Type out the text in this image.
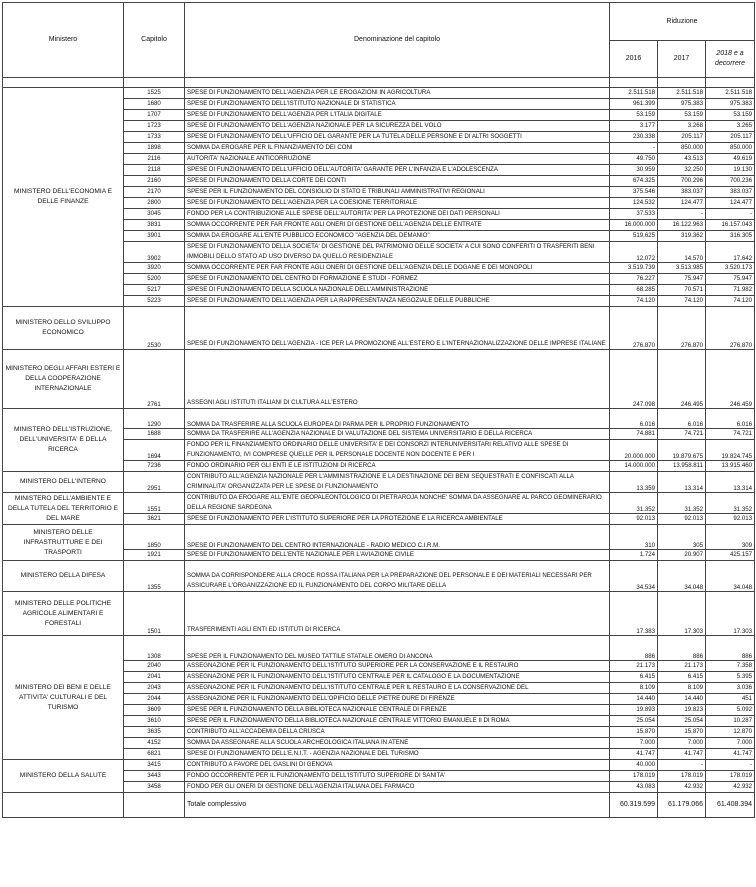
Ministero	Capitolo	Denominazione del capitolo	Riduzione		
			2016	2017	2018 e a decorrere

MINISTERO DELL'ECONOMIA E DELLE FINANZE	1525	SPESE DI FUNZIONAMENTO DELL'AGENZIA PER LE EROGAZIONI IN AGRICOLTURA	2.511.518	2.511.518	2.511.518
	1680	SPESE DI FUNZIONAMENTO DELL'ISTITUTO NAZIONALE DI STATISTICA	961.399	975.383	975.383
	1707	SPESE DI FUNZIONAMENTO DELL'AGENZIA PER L'ITALIA DIGITALE	53.159	53.159	53.159
	1723	SPESE DI FUNZIONAMENTO DELL'AGENZIA NAZIONALE PER LA SICUREZZA DEL VOLO	3.177	3.268	3.265
	1733	SPESE DI FUNZIONAMENTO DELL'UFFICIO DEL GARANTE PER LA TUTELA DELLE PERSONE E DI ALTRI SOGGETTI	230.338	205.117	205.117
	1898	SOMMA DA EROGARE PER IL FINANZIAMENTO DEI CONI	-	850.000	850.000
	2116	AUTORITA' NAZIONALE ANTICORRUZIONE	49.750	43.513	49.619
	2118	SPESE DI FUNZIONAMENTO DELL'UFFICIO DELL'AUTORITA' GARANTE PER L'INFANZIA E L'ADOLESCENZA	30.959	32.250	19.130
	2160	SPESE DI FUNZIONAMENTO DELLA CORTE DEI CONTI	674.325	700.296	700.236
	2170	SPESE PER IL FUNZIONAMENTO DEL CONSIGLIO DI STATO E TRIBUNALI AMMINISTRATIVI REGIONALI	375.546	383.037	383.037
	2800	SPESE DI FUNZIONAMENTO DELL'AGENZIA PER LA COESIONE TERRITORIALE	124.532	124.477	124.477
	3045	FONDO PER LA CONTRIBUZIONE ALLE SPESE DELL'AUTORITA' PER LA PROTEZIONE DEI DATI PERSONALI	37.533	-	-
	3831	SOMMA OCCORRENTE PER FAR FRONTE AGLI ONERI DI GESTIONE DELL'AGENZIA DELLE ENTRATE	16.000.000	16.122.963	16.157.043
	3901	SOMMA DA EROGARE ALL'ENTE PUBBLICO ECONOMICO "AGENZIA DEL DEMANIO"	519.625	319.362	316.305
	3902	SPESE DI FUNZIONAMENTO DELLA SOCIETA' DI GESTIONE DEL PATRIMONIO DELLE SOCIETA' A CUI SONO CONFERITI O TRASFERITI BENI IMMOBILI DELLO STATO AD USO DIVERSO DA QUELLO RESIDENZIALE	12.072	14.570	17.642
	3920	SOMMA OCCORRENTE PER FAR FRONTE AGLI ONERI DI GESTIONE DELL'AGENZIA DELLE DOGANE E DEI MONOPOLI	3.519.739	3.513.985	3.520.173
	5200	SPESE DI FUNZIONAMENTO DEL CENTRO DI FORMAZIONE E STUDI - FORMEZ	76.227	75.947	75.947
	5217	SPESE DI FUNZIONAMENTO DELLA SCUOLA NAZIONALE DELL'AMMINISTRAZIONE	68.285	70.571	71.982
	5223	SPESE DI FUNZIONAMENTO DELL'AGENZIA PER LA RAPPRESENTANZA NEGOZIALE DELLE PUBBLICHE	74.120	74.120	74.120
MINISTERO DELLO SVILUPPO ECONOMICO	2530	SPESE DI FUNZIONAMENTO DELL'AGENZIA - ICE PER LA PROMOZIONE ALL'ESTERO E L'INTERNAZIONALIZZAZIONE DELLE IMPRESE ITALIANE	276.870	276.870	276.870
MINISTERO DEGLI AFFARI ESTERI E DELLA COOPERAZIONE INTERNAZIONALE	2761	ASSEGNI AGLI ISTITUTI ITALIANI DI CULTURA ALL'ESTERO	247.098	246.495	246.459
MINISTERO DELL'ISTRUZIONE, DELL'UNIVERSITA' E DELLA RICERCA	1290	SOMMA DA TRASFERIRE ALLA SCUOLA EUROPEA DI PARMA PER IL PROPRIO FUNZIONAMENTO	6.016	6.016	6.016
	1688	SOMMA DA TRASFERIRE ALL'AGENZIA NAZIONALE DI VALUTAZIONE DEL SISTEMA UNIVERSITARIO E DELLA RICERCA	74.881	74.721	74.721
	1694	FONDO PER IL FINANZIAMENTO ORDINARIO DELLE UNIVERSITA' E DEI CONSORZI INTERUNIVERSITARI RELATIVO ALLE SPESE DI FUNZIONAMENTO, IVI COMPRESE QUELLE PER IL PERSONALE DOCENTE NON DOCENTE E PER I	20.000.000	19.879.675	19.824.745
	7236	FONDO ORDINARIO PER GLI ENTI E LE ISTITUZIONI DI RICERCA	14.000.000	13.958.811	13.915.460
MINISTERO DELL'INTERNO	2951	CONTRIBUTO ALL'AGENZIA NAZIONALE PER L'AMMINISTRAZIONE E LA DESTINAZIONE DEI BENI SEQUESTRATI E CONFISCATI ALLA CRIMINALITA' ORGANIZZATA PER LE SPESE DI FUNZIONAMENTO	13.359	13.314	13.314
MINISTERO DELL'AMBIENTE E DELLA TUTELA DEL TERRITORIO E DEL MARE	1551	CONTRIBUTO DA EROGARE ALL'ENTE GEOPALEONTOLOGICO DI PIETRAROJA NONCHE' SOMMA DA ASSEGNARE AL PARCO GEOMINERARIO DELLA REGIONE SARDEGNA	31.352	31.352	31.352
	3621	SPESE DI FUNZIONAMENTO PER L'ISTITUTO SUPERIORE PER LA PROTEZIONE E LA RICERCA AMBIENTALE	92.013	92.013	92.013
MINISTERO DELLE INFRASTRUTTURE E DEI TRASPORTI	1850	SPESE DI FUNZIONAMENTO DEL CENTRO INTERNAZIONALE - RADIO MEDICO C.I.R.M.	310	305	309
	1921	SPESE DI FUNZIONAMENTO DELL'ENTE NAZIONALE PER L'AVIAZIONE CIVILE	1.724	20.907	425.157
MINISTERO DELLA DIFESA	1355	SOMMA DA CORRISPONDERE ALLA CROCE ROSSA ITALIANA PER LA PREPARAZIONE DEL PERSONALE E DEI MATERIALI NECESSARI PER ASSICURARE L'ORGANIZZAZIONE ED IL FUNZIONAMENTO DEL CORPO MILITARE DELLA	34.534	34.048	34.048
MINISTERO DELLE POLITICHE AGRICOLE ALIMENTARI E FORESTALI	1501	TRASFERIMENTI AGLI ENTI ED ISTITUTI DI RICERCA	17.383	17.303	17.303
MINISTERO DEI BENI E DELLE ATTIVITA' CULTURALI E DEL TURISMO	1308	SPESE PER IL FUNZIONAMENTO DEL MUSEO TATTILE STATALE OMERO DI ANCONA	886	886	886
	2040	ASSEGNAZIONE PER IL FUNZIONAMENTO DELL'ISTITUTO SUPERIORE PER LA CONSERVAZIONE E IL RESTAURO	21.173	21.173	7.358
	2041	ASSEGNAZIONE PER IL FUNZIONAMENTO DELL'ISTITUTO CENTRALE PER IL CATALOGO E LA DOCUMENTAZIONE	6.415	6.415	5.395
	2043	ASSEGNAZIONE PER IL FUNZIONAMENTO DELL'ISTITUTO CENTRALE PER IL RESTAURO E LA CONSERVAZIONE DEL	8.109	8.109	3.036
	2044	ASSEGNAZIONE PER IL FUNZIONAMENTO DELL'OPIFICIO DELLE PIETRE DURE DI FIRENZE	14.440	14.440	451
	3609	SPESE PER IL FUNZIONAMENTO DELLA BIBLIOTECA NAZIONALE CENTRALE DI FIRENZE	19.893	19.823	5.092
	3610	SPESE PER IL FUNZIONAMENTO DELLA BIBLIOTECA NAZIONALE CENTRALE VITTORIO EMANUELE II DI ROMA	25.054	25.054	10.287
	3635	CONTRIBUTO ALL'ACCADEMIA DELLA CRUSCA	15.870	15.870	12.870
	4152	SOMMA DA ASSEGNARE ALLA SCUOLA ARCHEOLOGICA ITALIANA IN ATENE	7.000	7.000	7.000
	6821	SPESE DI FUNZIONAMENTO DELL'E.N.I.T. - AGENZIA NAZIONALE DEL TURISMO	41.747	41.747	41.747
MINISTERO DELLA SALUTE	3415	CONTRIBUTO A FAVORE DEL GASLINI DI GENOVA	40.000	-	-
	3443	FONDO OCCORRENTE PER IL FUNZIONAMENTO DELL'ISTITUTO SUPERIORE DI SANITA'	178.019	178.019	178.019
	3458	FONDO PER GLI ONERI DI GESTIONE DELL'AGENZIA ITALIANA DEL FARMACO	43.083	42.932	42.932
		Totale complessivo	60.319.599	61.179.066	61.408.394
